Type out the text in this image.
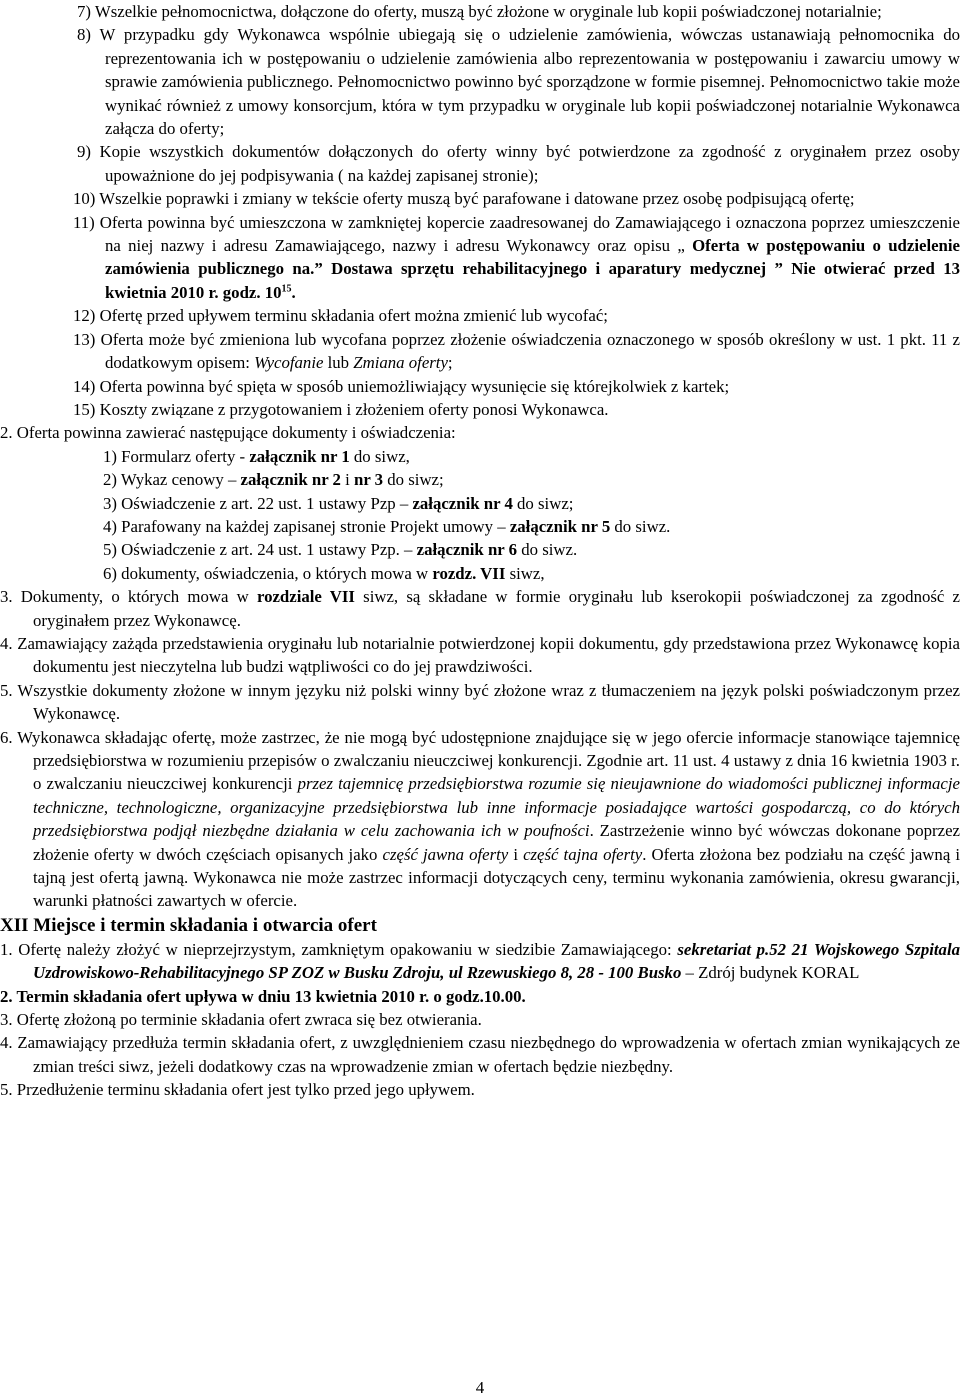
7) Wszelkie pełnomocnictwa, dołączone do oferty, muszą być złożone w oryginale lub kopii poświadczonej notarialnie;
8) W przypadku gdy Wykonawca wspólnie ubiegają się o udzielenie zamówienia, wówczas ustanawiają pełnomocnika do reprezentowania ich w postępowaniu o udzielenie zamówienia albo reprezentowania w postępowaniu i zawarciu umowy w sprawie zamówienia publicznego. Pełnomocnictwo powinno być sporządzone w formie pisemnej. Pełnomocnictwo takie może wynikać również z umowy konsorcjum, która w tym przypadku w oryginale lub kopii poświadczonej notarialnie Wykonawca załącza do oferty;
9) Kopie wszystkich dokumentów dołączonych do oferty winny być potwierdzone za zgodność z oryginałem przez osoby upoważnione do jej podpisywania ( na każdej zapisanej stronie);
10) Wszelkie poprawki i zmiany w tekście oferty muszą być parafowane i datowane przez osobę podpisującą ofertę;
11) Oferta powinna być umieszczona w zamkniętej kopercie zaadresowanej do Zamawiającego i oznaczona poprzez umieszczenie na niej nazwy i adresu Zamawiającego, nazwy i adresu Wykonawcy oraz opisu „ Oferta w postępowaniu o udzielenie zamówienia publicznego na.” Dostawa sprzętu rehabilitacyjnego i aparatury medycznej ” Nie otwierać przed 13 kwietnia 2010 r. godz. $10^{15}$.
12) Ofertę przed upływem terminu składania ofert można zmienić lub wycofać;
13) Oferta może być zmieniona lub wycofana poprzez złożenie oświadczenia oznaczonego w sposób określony w ust. 1 pkt. 11 z dodatkowym opisem: Wycofanie lub Zmiana oferty;
14) Oferta powinna być spięta w sposób uniemożliwiający wysunięcie się którejkolwiek z kartek;
15) Koszty związane z przygotowaniem i złożeniem oferty ponosi Wykonawca.
2. Oferta powinna zawierać następujące dokumenty i oświadczenia:
1) Formularz oferty - załącznik nr 1 do siwz,
2) Wykaz cenowy – załącznik nr 2 i nr 3 do siwz;
3) Oświadczenie z art. 22 ust. 1 ustawy Pzp – załącznik nr 4 do siwz;
4) Parafowany na każdej zapisanej stronie Projekt umowy – załącznik nr 5 do siwz.
5) Oświadczenie z art. 24 ust. 1 ustawy Pzp. – załącznik nr 6 do siwz.
6) dokumenty, oświadczenia, o których mowa w rozdz. VII siwz,
3. Dokumenty, o których mowa w rozdziale VII siwz, są składane w formie oryginału lub kserokopii poświadczonej za zgodność z oryginałem przez Wykonawcę.
4. Zamawiający zażąda przedstawienia oryginału lub notarialnie potwierdzonej kopii dokumentu, gdy przedstawiona przez Wykonawcę kopia dokumentu jest nieczytelna lub budzi wątpliwości co do jej prawdziwości.
5. Wszystkie dokumenty złożone w innym języku niż polski winny być złożone wraz z tłumaczeniem na język polski poświadczonym przez Wykonawcę.
6. Wykonawca składając ofertę, może zastrzec, że nie mogą być udostępnione znajdujące się w jego ofercie informacje stanowiące tajemnicę przedsiębiorstwa w rozumieniu przepisów o zwalczaniu nieuczciwej konkurencji. Zgodnie art. 11 ust. 4 ustawy z dnia 16 kwietnia 1903 r. o zwalczaniu nieuczciwej konkurencji przez tajemnicę przedsiębiorstwa rozumie się nieujawnione do wiadomości publicznej informacje techniczne, technologiczne, organizacyjne przedsiębiorstwa lub inne informacje posiadające wartości gospodarczą, co do których przedsiębiorstwa podjął niezbędne działania w celu zachowania ich w poufności. Zastrzeżenie winno być wówczas dokonane poprzez złożenie oferty w dwóch częściach opisanych jako część jawna oferty i część tajna oferty. Oferta złożona bez podziału na część jawną i tajną jest ofertą jawną. Wykonawca nie może zastrzec informacji dotyczących ceny, terminu wykonania zamówienia, okresu gwarancji, warunki płatności zawartych w ofercie.
XII Miejsce i termin składania i otwarcia ofert
1. Ofertę należy złożyć w nieprzejrzystym, zamkniętym opakowaniu w siedzibie Zamawiającego: sekretariat p.52 21 Wojskowego Szpitala Uzdrowiskowo-Rehabilitacyjnego SP ZOZ w Busku Zdroju, ul Rzewuskiego 8, 28 - 100 Busko – Zdrój budynek KORAL
2. Termin składania ofert upływa w dniu 13 kwietnia 2010 r. o godz.10.00.
3. Ofertę złożoną po terminie składania ofert zwraca się bez otwierania.
4. Zamawiający przedłuża termin składania ofert, z uwzględnieniem czasu niezbędnego do wprowadzenia w ofertach zmian wynikających ze zmian treści siwz, jeżeli dodatkowy czas na wprowadzenie zmian w ofertach będzie niezbędny.
5. Przedłużenie terminu składania ofert jest tylko przed jego upływem.
4
